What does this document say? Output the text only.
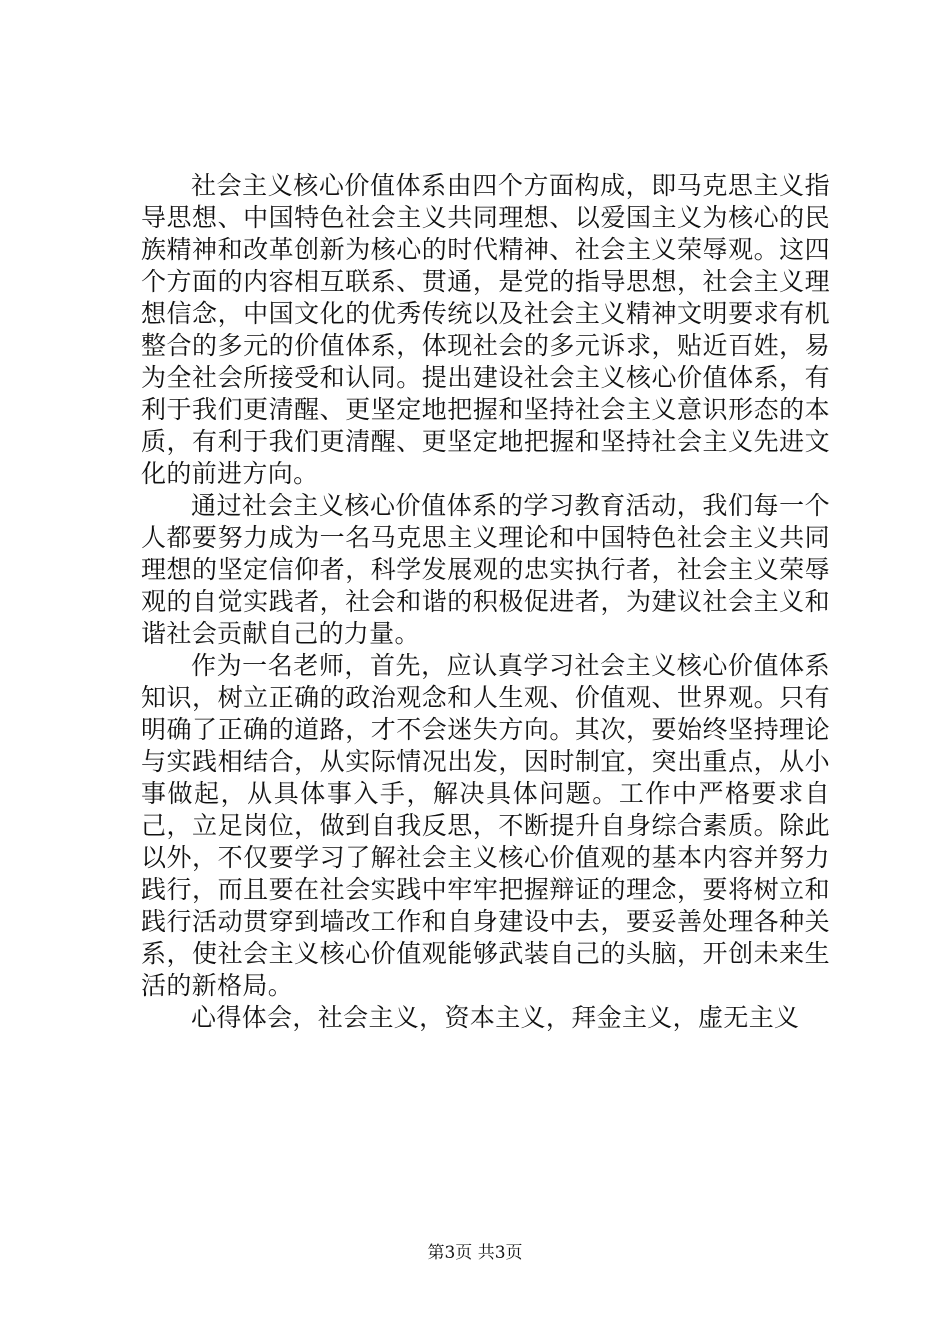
社会主义核心价值体系由四个方面构成，即马克思主义指导思想、中国特色社会主义共同理想、以爱国主义为核心的民族精神和改革创新为核心的时代精神、社会主义荣辱观。这四个方面的内容相互联系、贯通，是党的指导思想，社会主义理想信念，中国文化的优秀传统以及社会主义精神文明要求有机整合的多元的价值体系，体现社会的多元诉求，贴近百姓，易为全社会所接受和认同。提出建设社会主义核心价值体系，有利于我们更清醒、更坚定地把握和坚持社会主义意识形态的本质，有利于我们更清醒、更坚定地把握和坚持社会主义先进文化的前进方向。

通过社会主义核心价值体系的学习教育活动，我们每一个人都要努力成为一名马克思主义理论和中国特色社会主义共同理想的坚定信仰者，科学发展观的忠实执行者，社会主义荣辱观的自觉实践者，社会和谐的积极促进者，为建议社会主义和谐社会贡献自己的力量。

作为一名老师，首先，应认真学习社会主义核心价值体系知识，树立正确的政治观念和人生观、价值观、世界观。只有明确了正确的道路，才不会迷失方向。其次，要始终坚持理论与实践相结合，从实际情况出发，因时制宜，突出重点，从小事做起，从具体事入手，解决具体问题。工作中严格要求自己，立足岗位，做到自我反思，不断提升自身综合素质。除此以外，不仅要学习了解社会主义核心价值观的基本内容并努力践行，而且要在社会实践中牢牢把握辩证的理念，要将树立和践行活动贯穿到墙改工作和自身建设中去，要妥善处理各种关系，使社会主义核心价值观能够武装自己的头脑，开创未来生活的新格局。

心得体会，社会主义，资本主义，拜金主义，虚无主义

第3页 共3页
